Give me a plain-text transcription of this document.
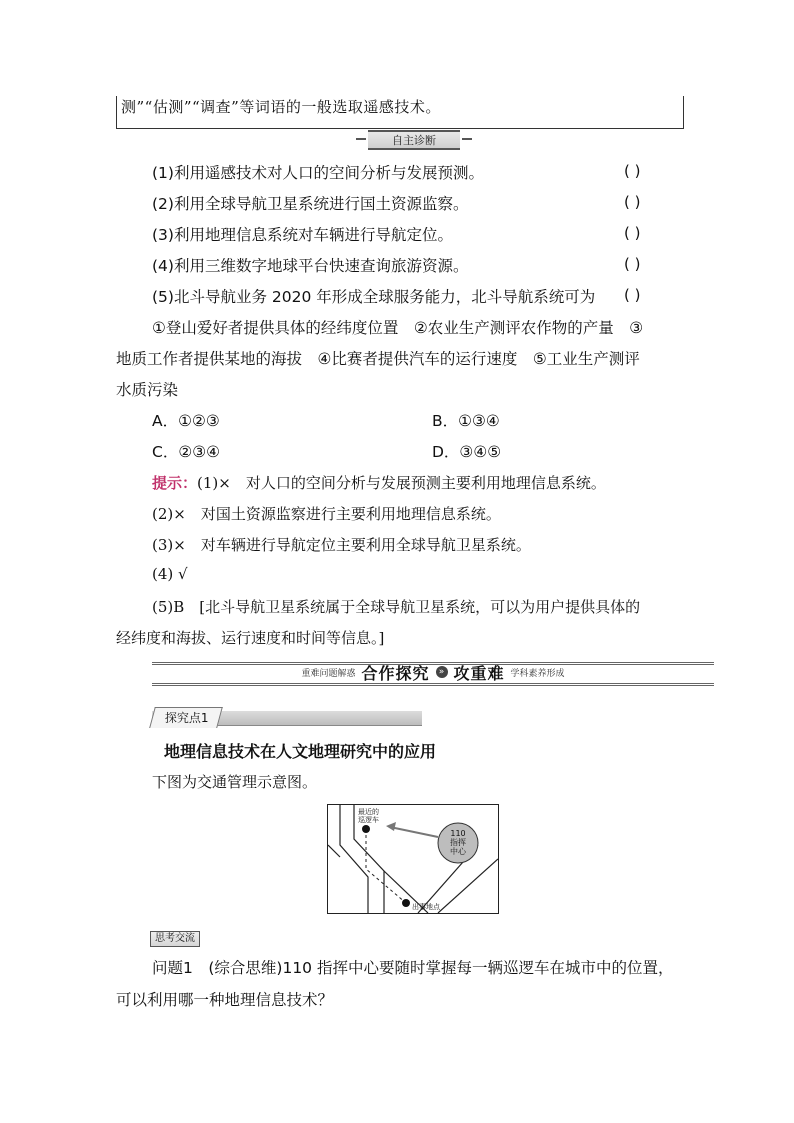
测”“估测”“调查”等词语的一般选取遥感技术。
自主诊断
(1)利用遥感技术对人口的空间分析与发展预测。	( )
(2)利用全球导航卫星系统进行国土资源监察。	( )
(3)利用地理信息系统对车辆进行导航定位。	( )
(4)利用三维数字地球平台快速查询旅游资源。	( )
(5)北斗导航业务 2020 年形成全球服务能力，北斗导航系统可为 ( )
①登山爱好者提供具体的经纬度位置　②农业生产测评农作物的产量　③
地质工作者提供某地的海拔　④比赛者提供汽车的运行速度　⑤工业生产测评
水质污染
A．①②③	B．①③④
C．②③④	D．③④⑤
提示：(1)×　对人口的空间分析与发展预测主要利用地理信息系统。
(2)×　对国土资源监察进行主要利用地理信息系统。
(3)×　对车辆进行导航定位主要利用全球导航卫星系统。
(4) √
(5)B　[北斗导航卫星系统属于全球导航卫星系统，可以为用户提供具体的
经纬度和海拔、运行速度和时间等信息。]
重难问题解惑 合作探究	» 攻重难 学科素养形成
探究点1
地理信息技术在人文地理研究中的应用
下图为交通管理示意图。
最近的
巡逻车
110
指挥
中心
出事地点
思考交流
问题1　(综合思维)110 指挥中心要随时掌握每一辆巡逻车在城市中的位置，
可以利用哪一种地理信息技术？
